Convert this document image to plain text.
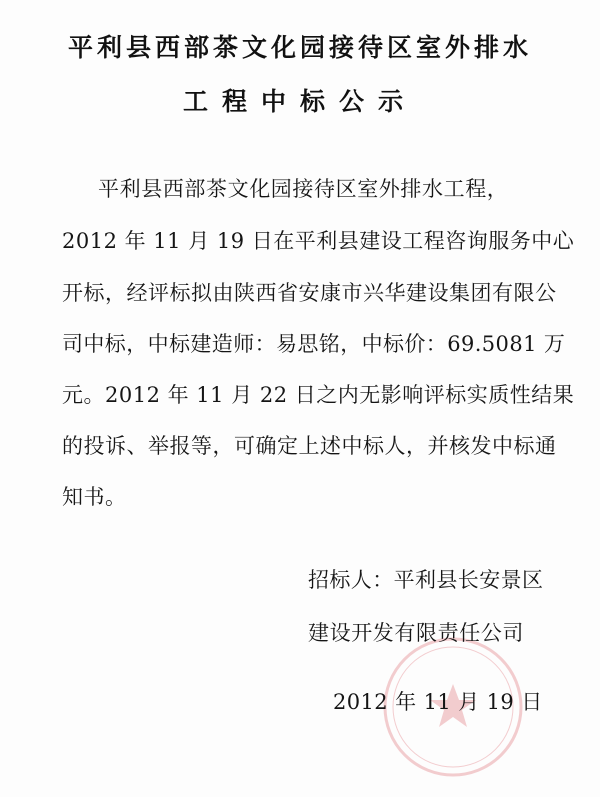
平利县西部茶文化园接待区室外排水
工程中标公示
平利县西部茶文化园接待区室外排水工程，
2012 年 11 月 19 日在平利县建设工程咨询服务中心
开标，经评标拟由陕西省安康市兴华建设集团有限公
司中标，中标建造师：易思铭，中标价：69.5081 万
元。2012 年 11 月 22 日之内无影响评标实质性结果
的投诉、举报等，可确定上述中标人，并核发中标通
知书。
招标人：平利县长安景区
建设开发有限责任公司
2012 年 11 月 19 日
